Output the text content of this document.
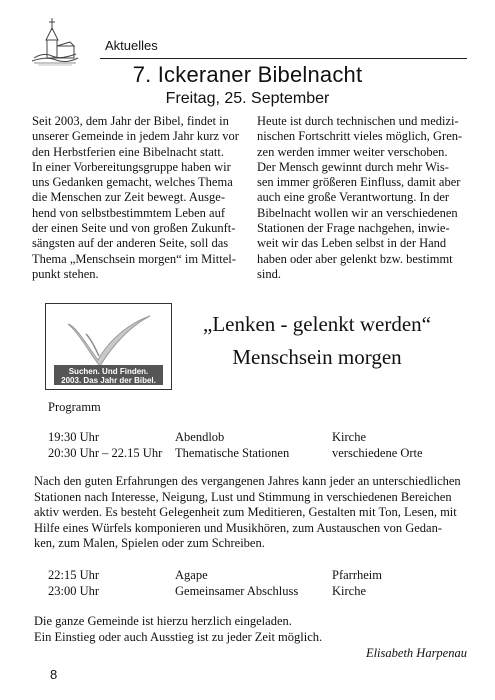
Aktuelles
7. Ickeraner Bibelnacht
Freitag, 25. September
Seit 2003, dem Jahr der Bibel, findet in
unserer Gemeinde in jedem Jahr kurz vor
den Herbstferien eine Bibelnacht statt.
In einer Vorbereitungsgruppe haben wir
uns Gedanken gemacht, welches Thema
die Menschen zur Zeit bewegt. Ausge-
hend von selbstbestimmtem Leben auf
der einen Seite und von großen Zukunft-
sängsten auf der anderen Seite, soll das
Thema „Menschsein morgen“ im Mittel-
punkt stehen.
Heute ist durch technischen und medizi-
nischen Fortschritt vieles möglich, Gren-
zen werden immer weiter verschoben.
Der Mensch gewinnt durch mehr Wis-
sen immer größeren Einfluss, damit aber
auch eine große Verantwortung. In der
Bibelnacht wollen wir an verschiedenen
Stationen der Frage nachgehen, inwie-
weit wir das Leben selbst in der Hand
haben oder aber gelenkt bzw. bestimmt
sind.
Suchen. Und Finden.
2003. Das Jahr der Bibel.
„Lenken - gelenkt werden“
Menschsein morgen
Programm
19:30 Uhr	Abendlob	Kirche
20:30 Uhr – 22.15 Uhr Thematische Stationen	verschiedene Orte
Nach den guten Erfahrungen des vergangenen Jahres kann jeder an unterschiedlichen
Stationen nach Interesse, Neigung, Lust und Stimmung in verschiedenen Bereichen
aktiv werden. Es besteht Gelegenheit zum Meditieren, Gestalten mit Ton, Lesen, mit
Hilfe eines Würfels komponieren und Musikhören, zum Austauschen von Gedan-
ken, zum Malen, Spielen oder zum Schreiben.
22:15 Uhr	Agape	Pfarrheim
23:00 Uhr	Gemeinsamer Abschluss	Kirche
Die ganze Gemeinde ist hierzu herzlich eingeladen.
Ein Einstieg oder auch Ausstieg ist zu jeder Zeit möglich.
Elisabeth Harpenau
8
